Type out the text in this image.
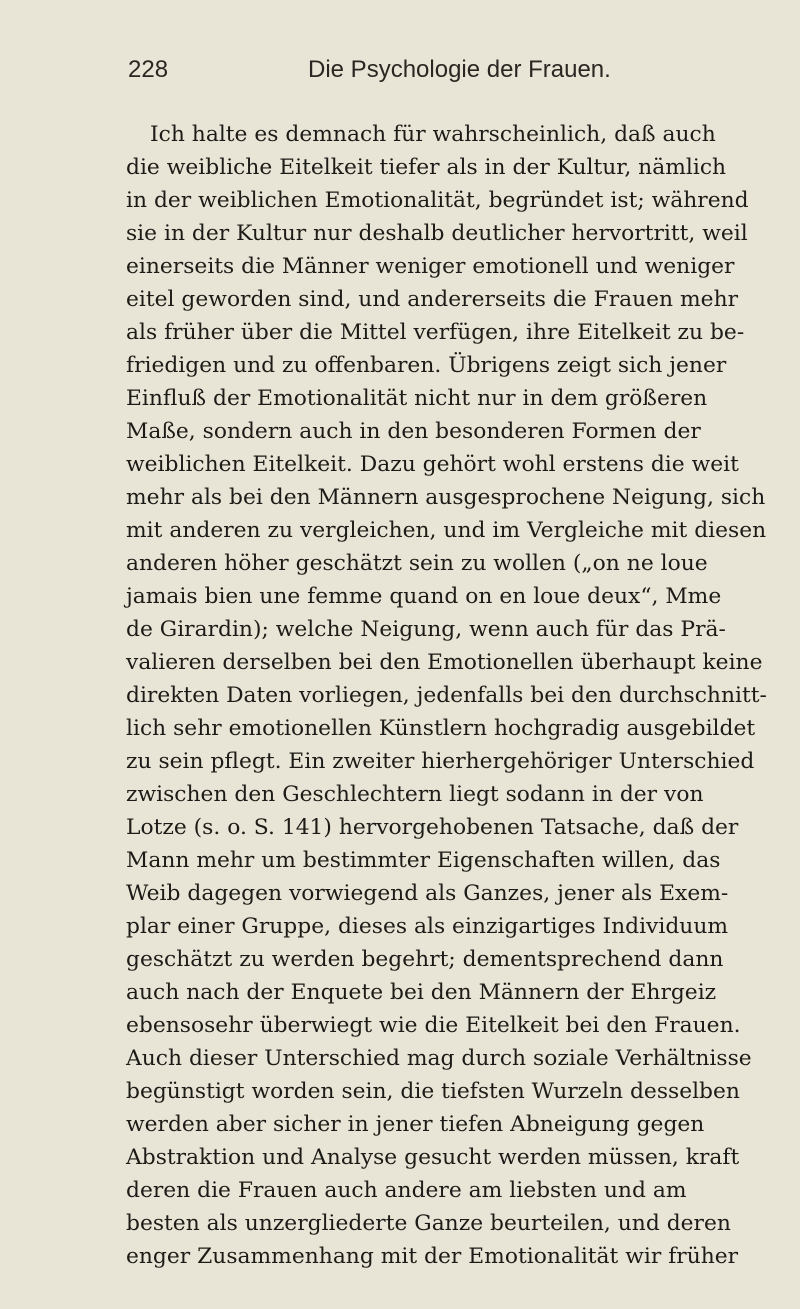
228	Die Psychologie der Frauen.
Ich halte es demnach für wahrscheinlich, daß auch
die weibliche Eitelkeit tiefer als in der Kultur, nämlich
in der weiblichen Emotionalität, begründet ist; während
sie in der Kultur nur deshalb deutlicher hervortritt, weil
einerseits die Männer weniger emotionell und weniger
eitel geworden sind, und andererseits die Frauen mehr
als früher über die Mittel verfügen, ihre Eitelkeit zu be-
friedigen und zu offenbaren. Übrigens zeigt sich jener
Einfluß der Emotionalität nicht nur in dem größeren
Maße, sondern auch in den besonderen Formen der
weiblichen Eitelkeit. Dazu gehört wohl erstens die weit
mehr als bei den Männern ausgesprochene Neigung, sich
mit anderen zu vergleichen, und im Vergleiche mit diesen
anderen höher geschätzt sein zu wollen („on ne loue
jamais bien une femme quand on en loue deux“, Mme
de Girardin); welche Neigung, wenn auch für das Prä-
valieren derselben bei den Emotionellen überhaupt keine
direkten Daten vorliegen, jedenfalls bei den durchschnitt-
lich sehr emotionellen Künstlern hochgradig ausgebildet
zu sein pflegt. Ein zweiter hierhergehöriger Unterschied
zwischen den Geschlechtern liegt sodann in der von
Lotze (s. o. S. 141) hervorgehobenen Tatsache, daß der
Mann mehr um bestimmter Eigenschaften willen, das
Weib dagegen vorwiegend als Ganzes, jener als Exem-
plar einer Gruppe, dieses als einzigartiges Individuum
geschätzt zu werden begehrt; dementsprechend dann
auch nach der Enquete bei den Männern der Ehrgeiz
ebensosehr überwiegt wie die Eitelkeit bei den Frauen.
Auch dieser Unterschied mag durch soziale Verhältnisse
begünstigt worden sein, die tiefsten Wurzeln desselben
werden aber sicher in jener tiefen Abneigung gegen
Abstraktion und Analyse gesucht werden müssen, kraft
deren die Frauen auch andere am liebsten und am
besten als unzergliederte Ganze beurteilen, und deren
enger Zusammenhang mit der Emotionalität wir früher
